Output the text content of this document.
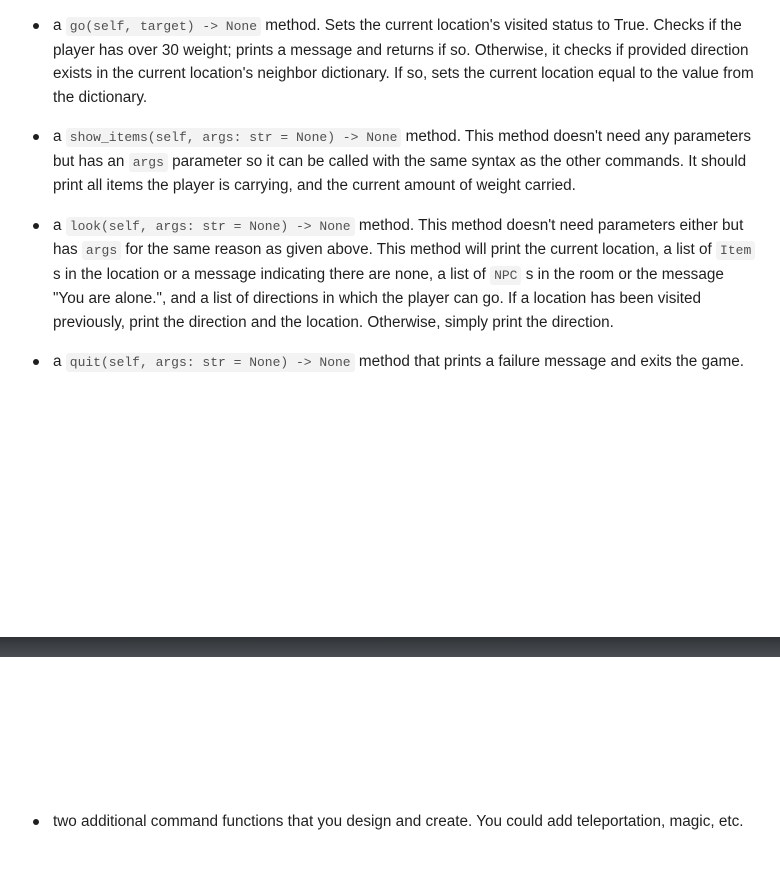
a go(self, target) -> None method. Sets the current location's visited status to True. Checks if the player has over 30 weight; prints a message and returns if so. Otherwise, it checks if provided direction exists in the current location's neighbor dictionary. If so, sets the current location equal to the value from the dictionary.
a show_items(self, args: str = None) -> None method. This method doesn't need any parameters but has an args parameter so it can be called with the same syntax as the other commands. It should print all items the player is carrying, and the current amount of weight carried.
a look(self, args: str = None) -> None method. This method doesn't need parameters either but has args for the same reason as given above. This method will print the current location, a list of Item s in the location or a message indicating there are none, a list of NPC s in the room or the message "You are alone.", and a list of directions in which the player can go. If a location has been visited previously, print the direction and the location. Otherwise, simply print the direction.
a quit(self, args: str = None) -> None method that prints a failure message and exits the game.
two additional command functions that you design and create. You could add teleportation, magic, etc.
